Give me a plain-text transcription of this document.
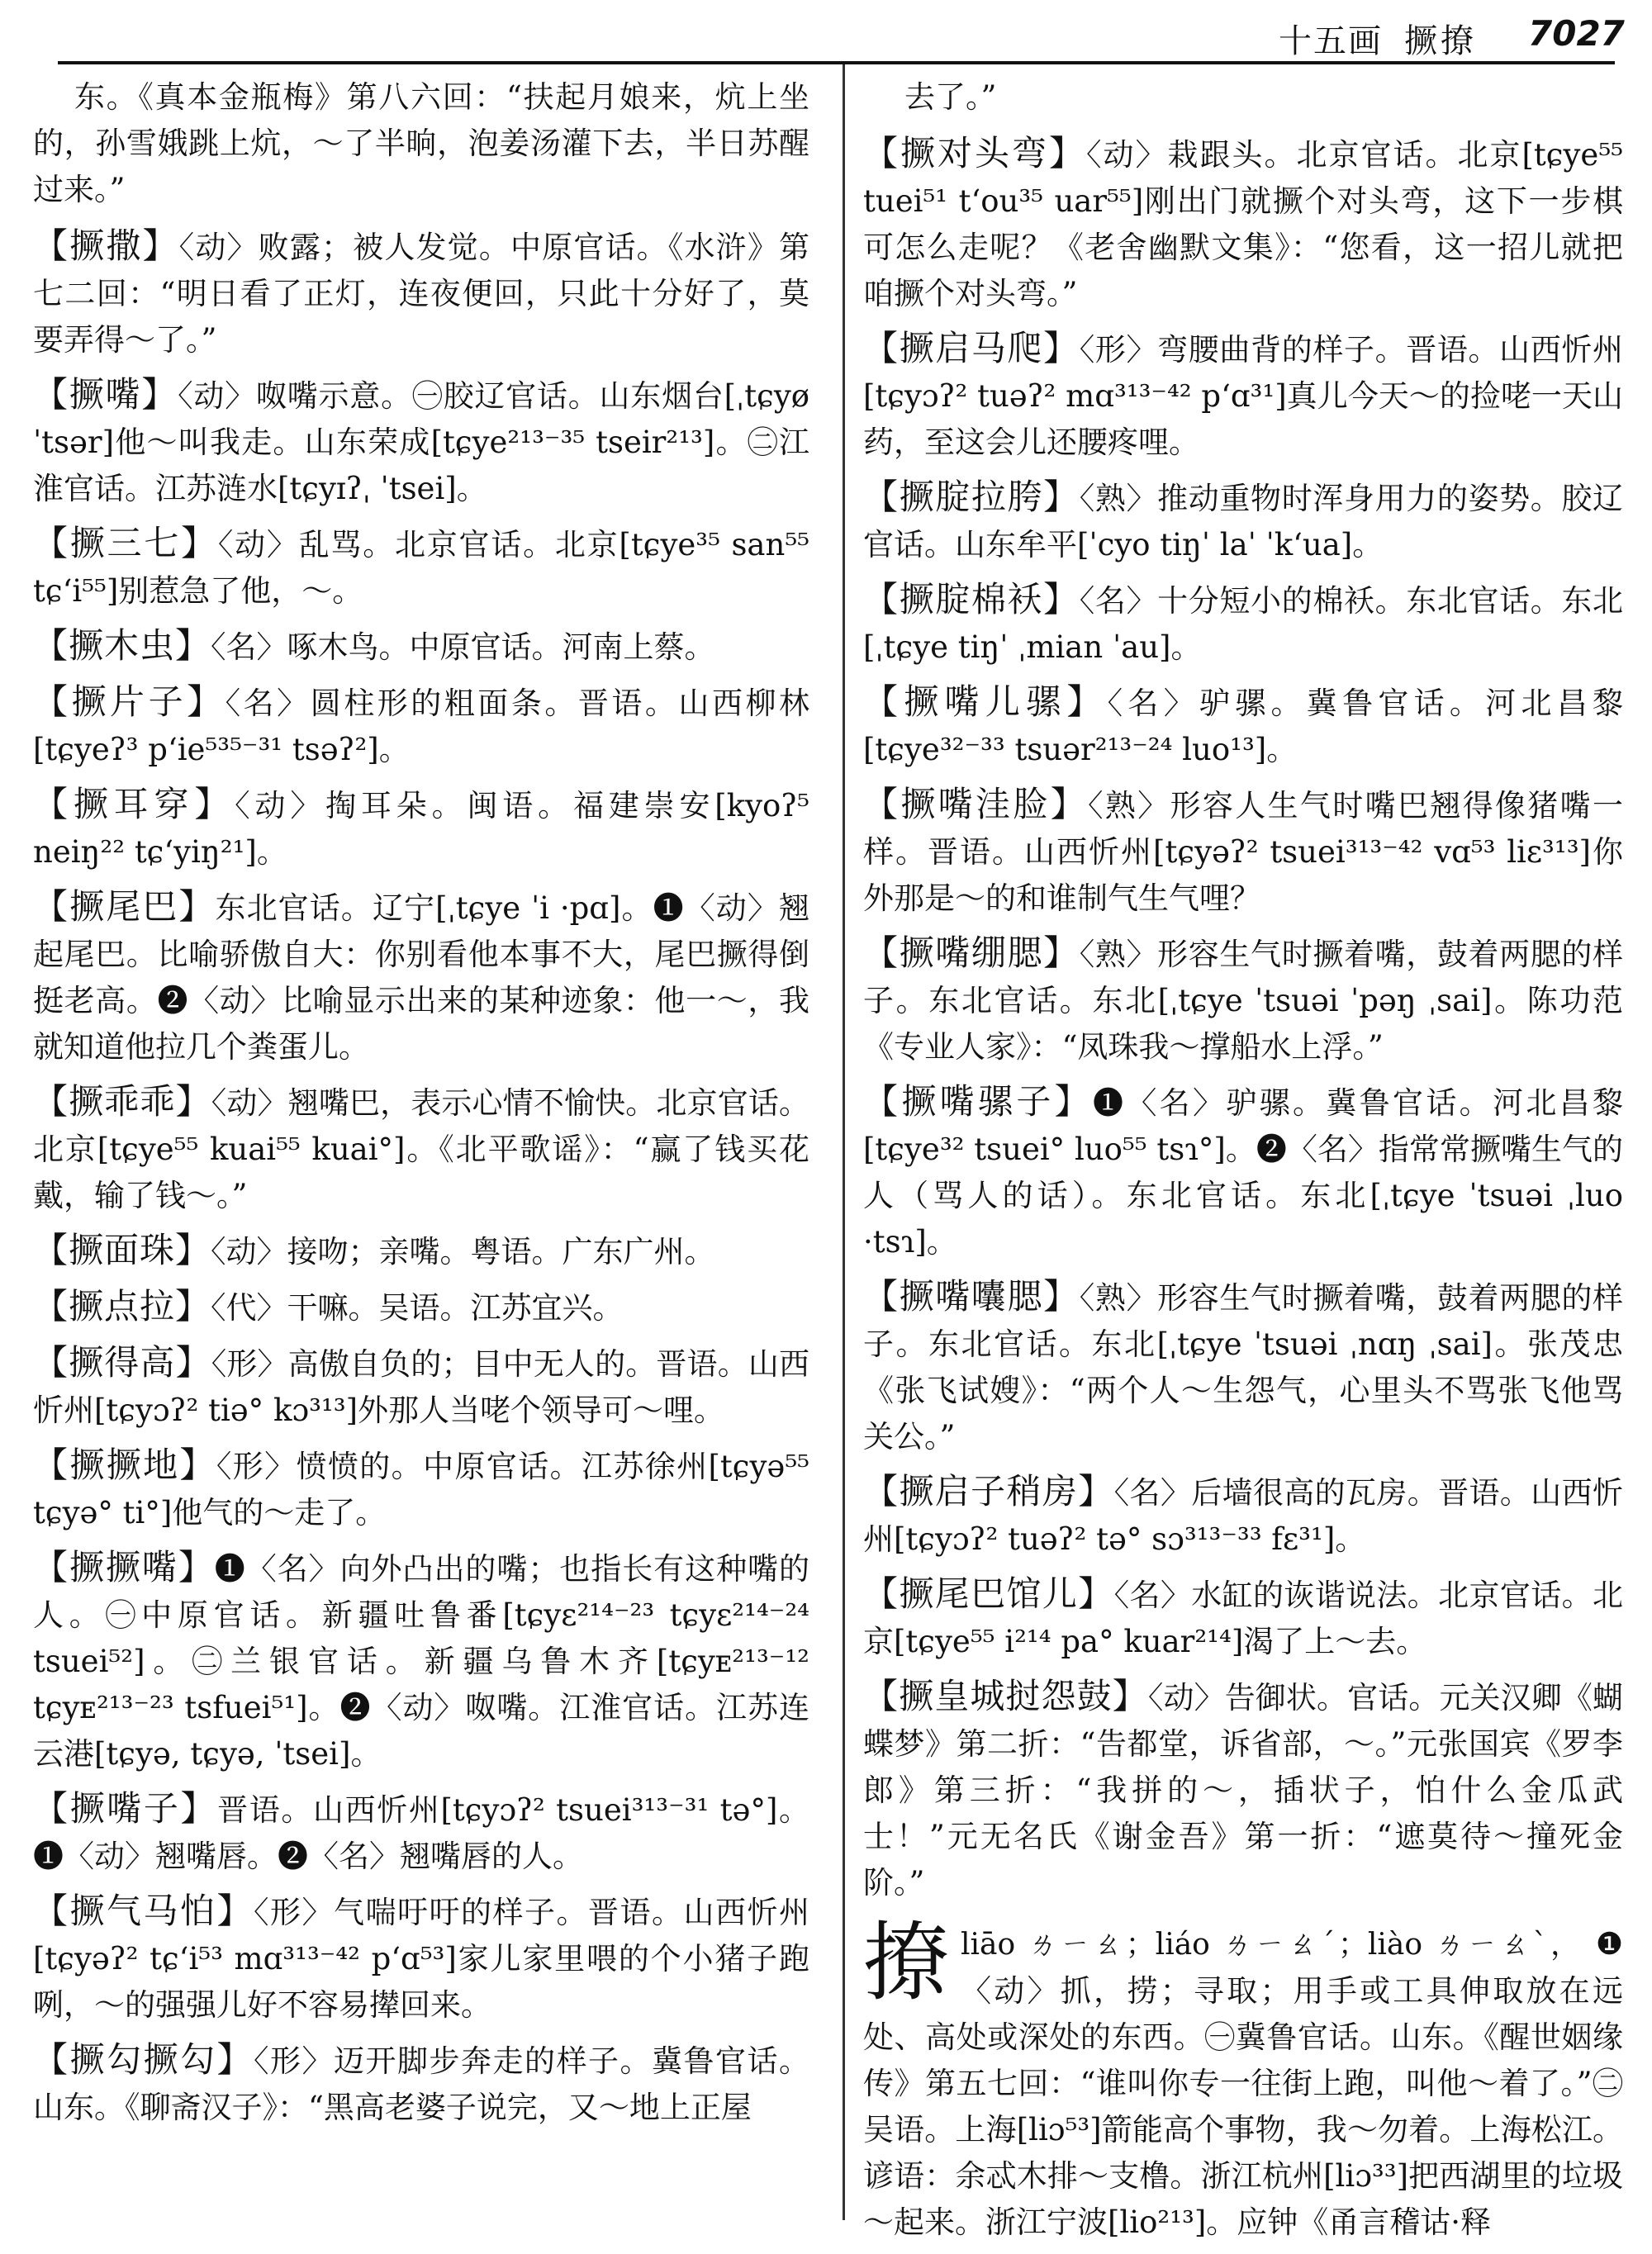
十五画 撅撩 7027
东。《真本金瓶梅》第八六回：“扶起月娘来，炕上坐的，孙雪娥跳上炕，～了半晌，泡姜汤灌下去，半日苏醒过来。”
【撅撒】〈动〉败露；被人发觉。中原官话。《水浒》第七二回：“明日看了正灯，连夜便回，只此十分好了，莫要弄得～了。”
【撅嘴】〈动〉呶嘴示意。㊀胶辽官话。山东烟台[ˌtɕyø ˈtsər]他～叫我走。山东荣成[tɕye²¹³⁻³⁵ tseir²¹³]。㊁江淮官话。江苏涟水[tɕyɪʔˌ ˈtsei]。
【撅三七】〈动〉乱骂。北京官话。北京[tɕye³⁵ san⁵⁵ tɕʻi⁵⁵]别惹急了他，～。
【撅木虫】〈名〉啄木鸟。中原官话。河南上蔡。
【撅片子】〈名〉圆柱形的粗面条。晋语。山西柳林[tɕyeʔ³ pʻie⁵³⁵⁻³¹ tsəʔ²]。
【撅耳穿】〈动〉掏耳朵。闽语。福建崇安[kyoʔ⁵ neiŋ²² tɕʻyiŋ²¹]。
【撅尾巴】东北官话。辽宁[ˌtɕye ˈi ·pɑ]。❶〈动〉翘起尾巴。比喻骄傲自大：你别看他本事不大，尾巴撅得倒挺老高。❷〈动〉比喻显示出来的某种迹象：他一～，我就知道他拉几个粪蛋儿。
【撅乖乖】〈动〉翘嘴巴，表示心情不愉快。北京官话。北京[tɕye⁵⁵ kuai⁵⁵ kuai°]。《北平歌谣》：“赢了钱买花戴，输了钱～。”
【撅面珠】〈动〉接吻；亲嘴。粤语。广东广州。
【撅点拉】〈代〉干嘛。吴语。江苏宜兴。
【撅得高】〈形〉高傲自负的；目中无人的。晋语。山西忻州[tɕyɔʔ² tiə° kɔ³¹³]外那人当咾个领导可～哩。
【撅撅地】〈形〉愤愤的。中原官话。江苏徐州[tɕyə⁵⁵ tɕyə° ti°]他气的～走了。
【撅撅嘴】❶〈名〉向外凸出的嘴；也指长有这种嘴的人。㊀中原官话。新疆吐鲁番[tɕyɛ²¹⁴⁻²³ tɕyɛ²¹⁴⁻²⁴ tsuei⁵²]。㊁兰银官话。新疆乌鲁木齐[tɕyᴇ²¹³⁻¹² tɕyᴇ²¹³⁻²³ tsfuei⁵¹]。❷〈动〉呶嘴。江淮官话。江苏连云港[tɕyə, tɕyə, ˈtsei]。
【撅嘴子】晋语。山西忻州[tɕyɔʔ² tsuei³¹³⁻³¹ tə°]。❶〈动〉翘嘴唇。❷〈名〉翘嘴唇的人。
【撅气马怕】〈形〉气喘吁吁的样子。晋语。山西忻州[tɕyəʔ² tɕʻi⁵³ mɑ³¹³⁻⁴² pʻɑ⁵³]家儿家里喂的个小猪子跑咧，～的强强儿好不容易撵回来。
【撅勾撅勾】〈形〉迈开脚步奔走的样子。冀鲁官话。山东。《聊斋汉子》：“黑高老婆子说完，又～地上正屋
去了。”
【撅对头弯】〈动〉栽跟头。北京官话。北京[tɕye⁵⁵ tuei⁵¹ tʻou³⁵ uar⁵⁵]刚出门就撅个对头弯，这下一步棋可怎么走呢？《老舍幽默文集》：“您看，这一招儿就把咱撅个对头弯。”
【撅启马爬】〈形〉弯腰曲背的样子。晋语。山西忻州[tɕyɔʔ² tuəʔ² mɑ³¹³⁻⁴² pʻɑ³¹]真儿今天～的捡咾一天山药，至这会儿还腰疼哩。
【撅腚拉胯】〈熟〉推动重物时浑身用力的姿势。胶辽官话。山东牟平[ˈcyo tiŋˈ laˈ ˈkʻua]。
【撅腚棉袄】〈名〉十分短小的棉袄。东北官话。东北[ˌtɕye tiŋˈ ˌmian ˈau]。
【撅嘴儿骡】〈名〉驴骡。冀鲁官话。河北昌黎[tɕye³²⁻³³ tsuər²¹³⁻²⁴ luo¹³]。
【撅嘴洼脸】〈熟〉形容人生气时嘴巴翘得像猪嘴一样。晋语。山西忻州[tɕyəʔ² tsuei³¹³⁻⁴² vɑ⁵³ liɛ³¹³]你外那是～的和谁制气生气哩？
【撅嘴绷腮】〈熟〉形容生气时撅着嘴，鼓着两腮的样子。东北官话。东北[ˌtɕye ˈtsuəi ˈpəŋ ˌsai]。陈功范《专业人家》：“凤珠我～撑船水上浮。”
【撅嘴骡子】❶〈名〉驴骡。冀鲁官话。河北昌黎[tɕye³² tsuei° luo⁵⁵ tsɿ°]。❷〈名〉指常常撅嘴生气的人（骂人的话）。东北官话。东北[ˌtɕye ˈtsuəi ˌluo ·tsɿ]。
【撅嘴囔腮】〈熟〉形容生气时撅着嘴，鼓着两腮的样子。东北官话。东北[ˌtɕye ˈtsuəi ˌnɑŋ ˌsai]。张茂忠《张飞试嫂》：“两个人～生怨气，心里头不骂张飞他骂关公。”
【撅启子稍房】〈名〉后墙很高的瓦房。晋语。山西忻州[tɕyɔʔ² tuəʔ² tə° sɔ³¹³⁻³³ fɛ³¹]。
【撅尾巴馆儿】〈名〉水缸的诙谐说法。北京官话。北京[tɕye⁵⁵ i²¹⁴ pa° kuar²¹⁴]渴了上～去。
【撅皇城挝怨鼓】〈动〉告御状。官话。元关汉卿《蝴蝶梦》第二折：“告都堂，诉省部，～。”元张国宾《罗李郎》第三折：“我拼的～，插状子，怕什么金瓜武士！”元无名氏《谢金吾》第一折：“遮莫待～撞死金阶。”
撩 liāo ㄌㄧㄠ；liáo ㄌㄧㄠˊ；liào ㄌㄧㄠˋ， ❶〈动〉抓，捞；寻取；用手或工具伸取放在远处、高处或深处的东西。㊀冀鲁官话。山东。《醒世姻缘传》第五七回：“谁叫你专一往街上跑，叫他～着了。”㊁吴语。上海[liɔ⁵³]箭能高个事物，我～勿着。上海松江。谚语：余忒木排～支橹。浙江杭州[liɔ³³]把西湖里的垃圾～起来。浙江宁波[lio²¹³]。应钟《甬言稽诂·释
